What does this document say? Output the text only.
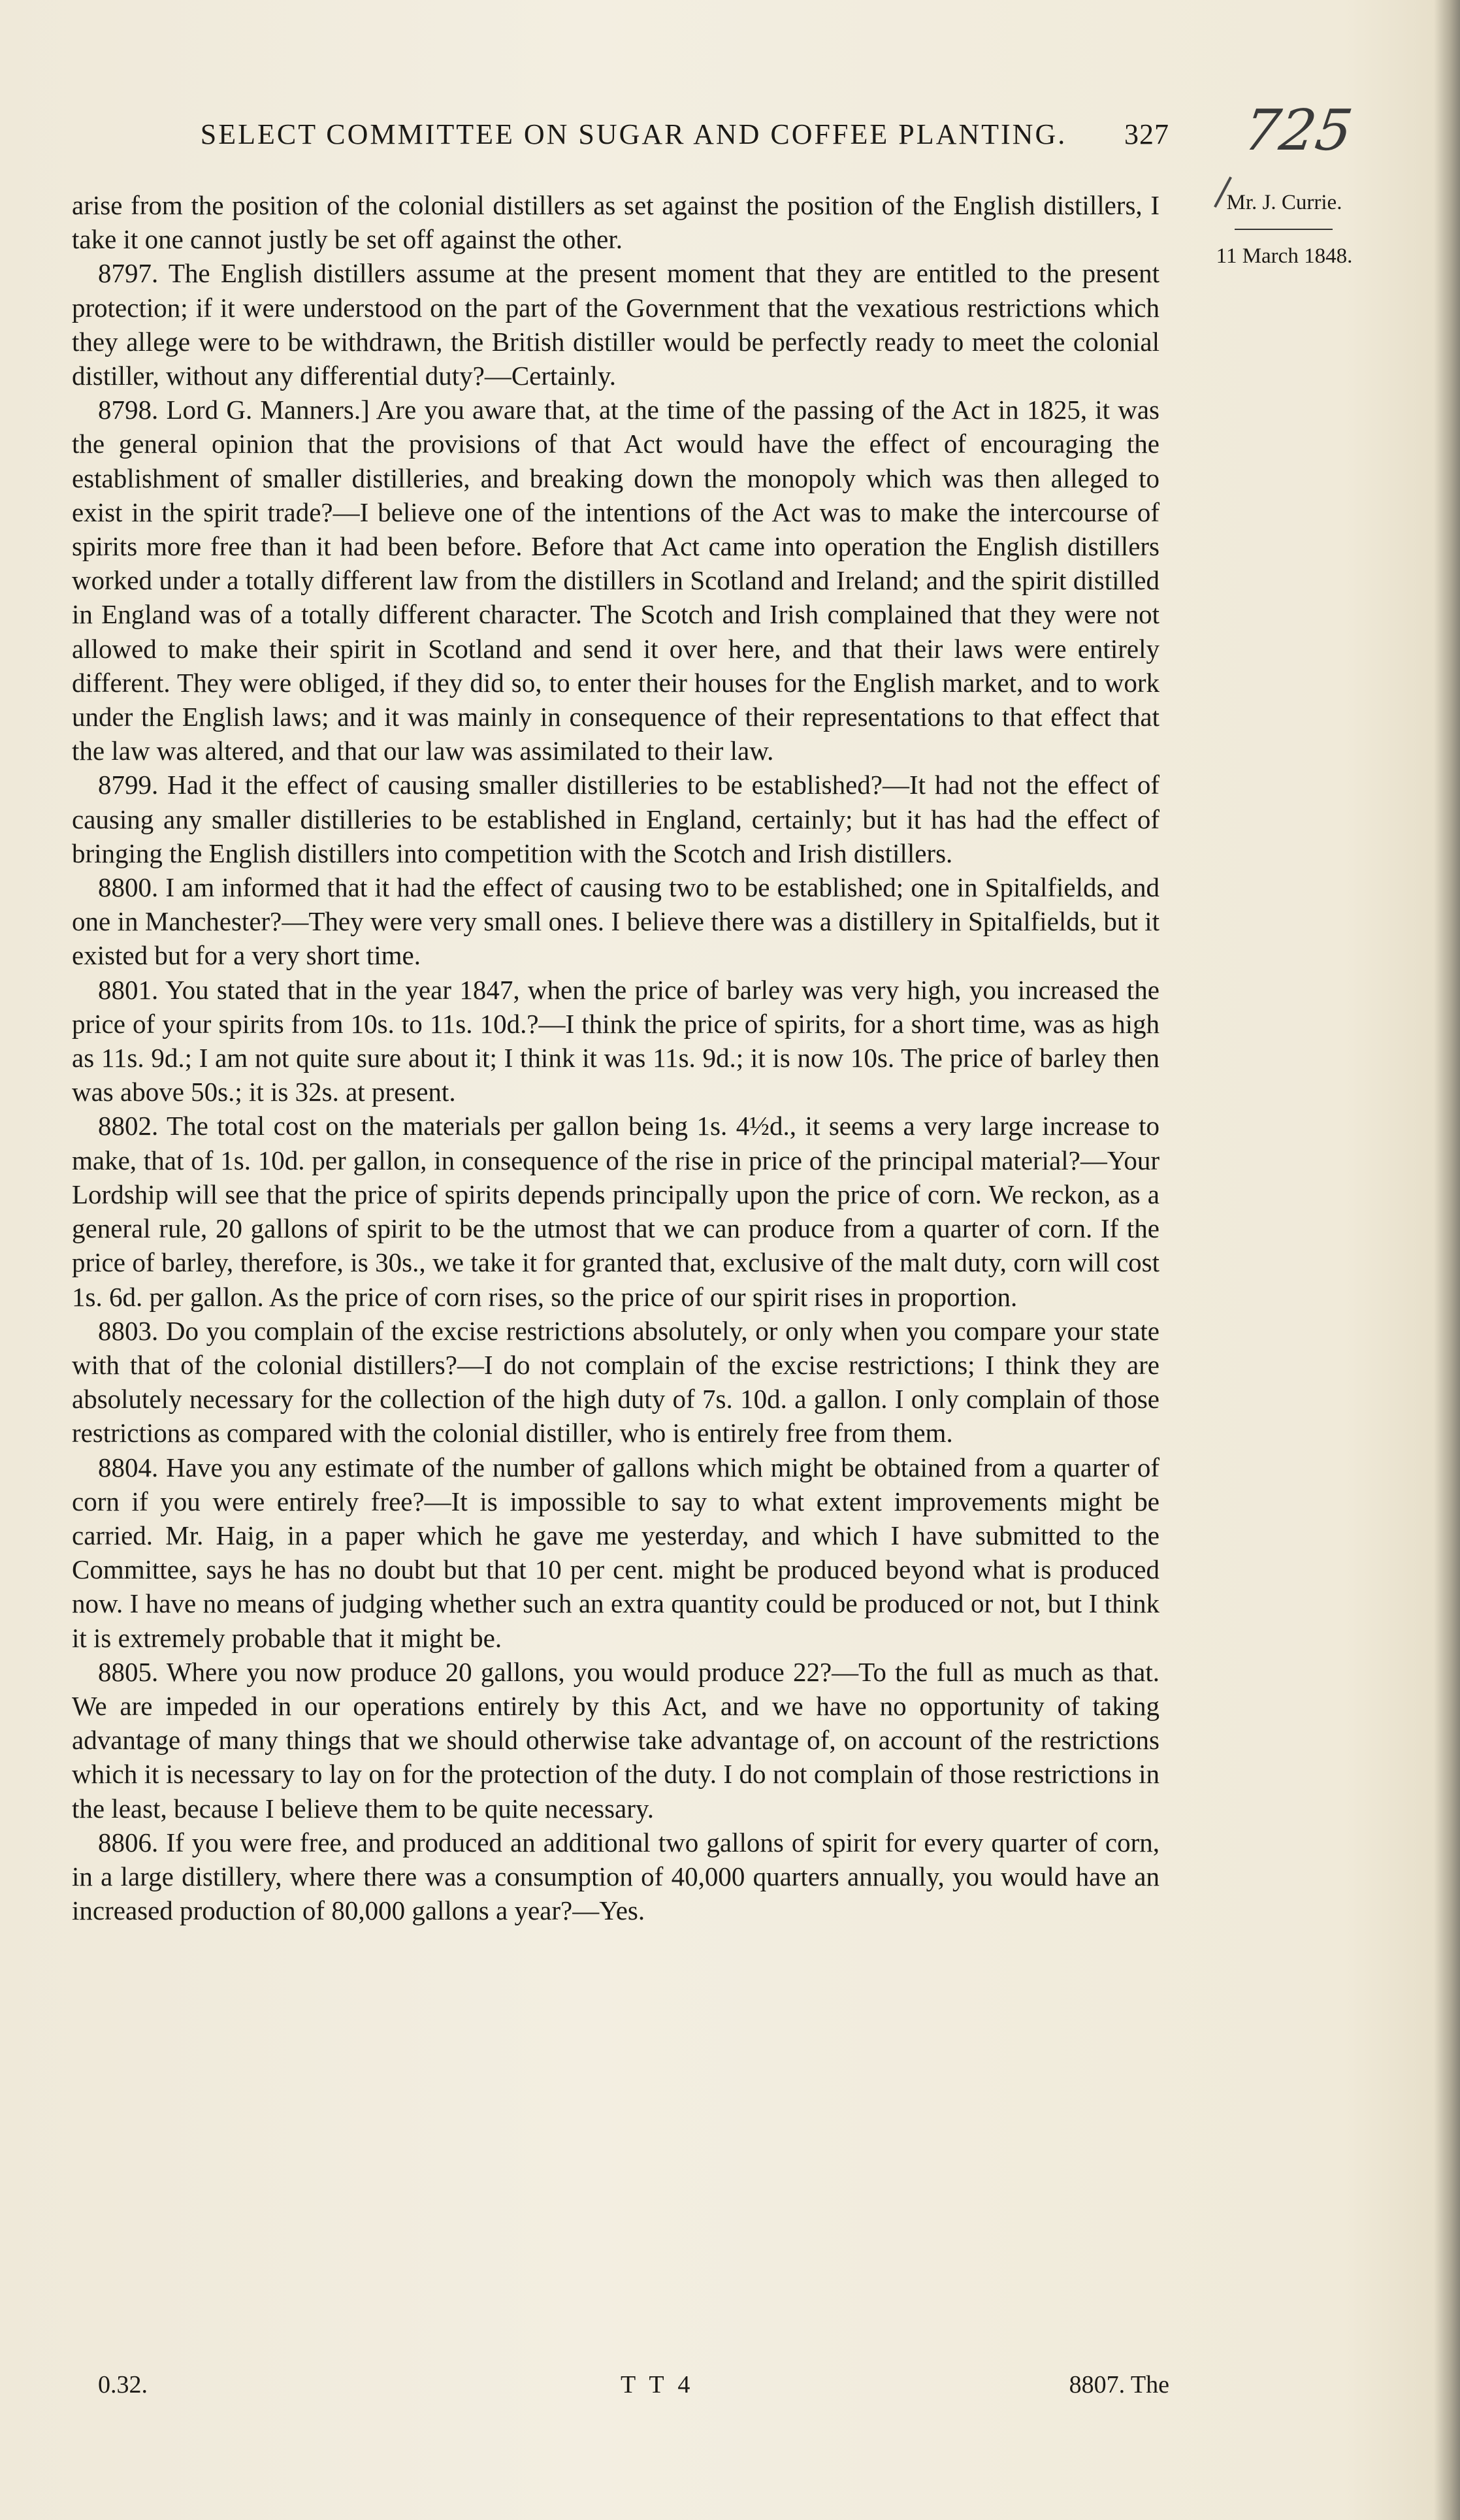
SELECT COMMITTEE ON SUGAR AND COFFEE PLANTING. 327 725
Mr. J. Currie.
11 March 1848.

arise from the position of the colonial distillers as set against the position of the English distillers, I take it one cannot justly be set off against the other.

8797. The English distillers assume at the present moment that they are entitled to the present protection; if it were understood on the part of the Government that the vexatious restrictions which they allege were to be withdrawn, the British distiller would be perfectly ready to meet the colonial distiller, without any differential duty?—Certainly.

8798. Lord G. Manners.] Are you aware that, at the time of the passing of the Act in 1825, it was the general opinion that the provisions of that Act would have the effect of encouraging the establishment of smaller distilleries, and breaking down the monopoly which was then alleged to exist in the spirit trade?—I believe one of the intentions of the Act was to make the intercourse of spirits more free than it had been before. Before that Act came into operation the English distillers worked under a totally different law from the distillers in Scotland and Ireland; and the spirit distilled in England was of a totally different character. The Scotch and Irish complained that they were not allowed to make their spirit in Scotland and send it over here, and that their laws were entirely different. They were obliged, if they did so, to enter their houses for the English market, and to work under the English laws; and it was mainly in consequence of their representations to that effect that the law was altered, and that our law was assimilated to their law.

8799. Had it the effect of causing smaller distilleries to be established?—It had not the effect of causing any smaller distilleries to be established in England, certainly; but it has had the effect of bringing the English distillers into competition with the Scotch and Irish distillers.

8800. I am informed that it had the effect of causing two to be established; one in Spitalfields, and one in Manchester?—They were very small ones. I believe there was a distillery in Spitalfields, but it existed but for a very short time.

8801. You stated that in the year 1847, when the price of barley was very high, you increased the price of your spirits from 10s. to 11s. 10d.?—I think the price of spirits, for a short time, was as high as 11s. 9d.; I am not quite sure about it; I think it was 11s. 9d.; it is now 10s. The price of barley then was above 50s.; it is 32s. at present.

8802. The total cost on the materials per gallon being 1s. 4½d., it seems a very large increase to make, that of 1s. 10d. per gallon, in consequence of the rise in price of the principal material?—Your Lordship will see that the price of spirits depends principally upon the price of corn. We reckon, as a general rule, 20 gallons of spirit to be the utmost that we can produce from a quarter of corn. If the price of barley, therefore, is 30s., we take it for granted that, exclusive of the malt duty, corn will cost 1s. 6d. per gallon. As the price of corn rises, so the price of our spirit rises in proportion.

8803. Do you complain of the excise restrictions absolutely, or only when you compare your state with that of the colonial distillers?—I do not complain of the excise restrictions; I think they are absolutely necessary for the collection of the high duty of 7s. 10d. a gallon. I only complain of those restrictions as compared with the colonial distiller, who is entirely free from them.

8804. Have you any estimate of the number of gallons which might be obtained from a quarter of corn if you were entirely free?—It is impossible to say to what extent improvements might be carried. Mr. Haig, in a paper which he gave me yesterday, and which I have submitted to the Committee, says he has no doubt but that 10 per cent. might be produced beyond what is produced now. I have no means of judging whether such an extra quantity could be produced or not, but I think it is extremely probable that it might be.

8805. Where you now produce 20 gallons, you would produce 22?—To the full as much as that. We are impeded in our operations entirely by this Act, and we have no opportunity of taking advantage of many things that we should otherwise take advantage of, on account of the restrictions which it is necessary to lay on for the protection of the duty. I do not complain of those restrictions in the least, because I believe them to be quite necessary.

8806. If you were free, and produced an additional two gallons of spirit for every quarter of corn, in a large distillery, where there was a consumption of 40,000 quarters annually, you would have an increased production of 80,000 gallons a year?—Yes.

0.32.	T T 4	8807. The
